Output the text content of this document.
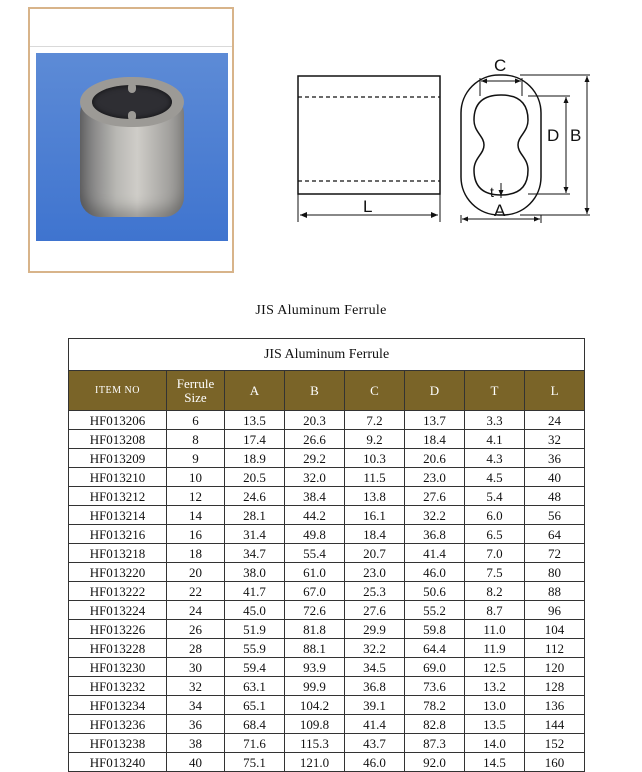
L
C
D B
t
A
JIS Aluminum Ferrule
JIS Aluminum Ferrule							
ITEM NO	Ferrule Size	A	B	C	D	T	L
HF013206	6	13.5	20.3	7.2	13.7	3.3	24
HF013208	8	17.4	26.6	9.2	18.4	4.1	32
HF013209	9	18.9	29.2	10.3	20.6	4.3	36
HF013210	10	20.5	32.0	11.5	23.0	4.5	40
HF013212	12	24.6	38.4	13.8	27.6	5.4	48
HF013214	14	28.1	44.2	16.1	32.2	6.0	56
HF013216	16	31.4	49.8	18.4	36.8	6.5	64
HF013218	18	34.7	55.4	20.7	41.4	7.0	72
HF013220	20	38.0	61.0	23.0	46.0	7.5	80
HF013222	22	41.7	67.0	25.3	50.6	8.2	88
HF013224	24	45.0	72.6	27.6	55.2	8.7	96
HF013226	26	51.9	81.8	29.9	59.8	11.0	104
HF013228	28	55.9	88.1	32.2	64.4	11.9	112
HF013230	30	59.4	93.9	34.5	69.0	12.5	120
HF013232	32	63.1	99.9	36.8	73.6	13.2	128
HF013234	34	65.1	104.2	39.1	78.2	13.0	136
HF013236	36	68.4	109.8	41.4	82.8	13.5	144
HF013238	38	71.6	115.3	43.7	87.3	14.0	152
HF013240	40	75.1	121.0	46.0	92.0	14.5	160
